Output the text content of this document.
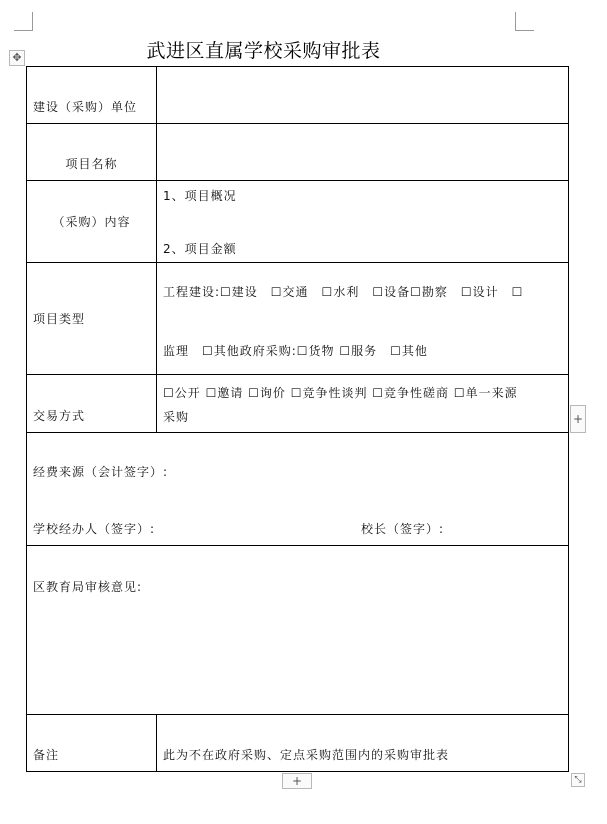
✥	武进区直属学校采购审批表
建设（采购）单位	
项目名称	
（采购）内容	1、项目概况
2、项目金额

项目类型	工程建设:☐建设　☐交通　☐水利　☐设备☐勘察　☐设计　☐
监理　☐其他政府采购:☐货物 ☐服务　☐其他

交易方式	☐公开 ☐邀请 ☐询价 ☐竞争性谈判 ☐竞争性磋商 ☐单一来源
采购

经费来源（会计签字）:
学校经办人（签字）: 校长（签字）:	

区教育局审核意见:	
备注	此为不在政府采购、定点采购范围内的采购审批表
+
+	⤡
